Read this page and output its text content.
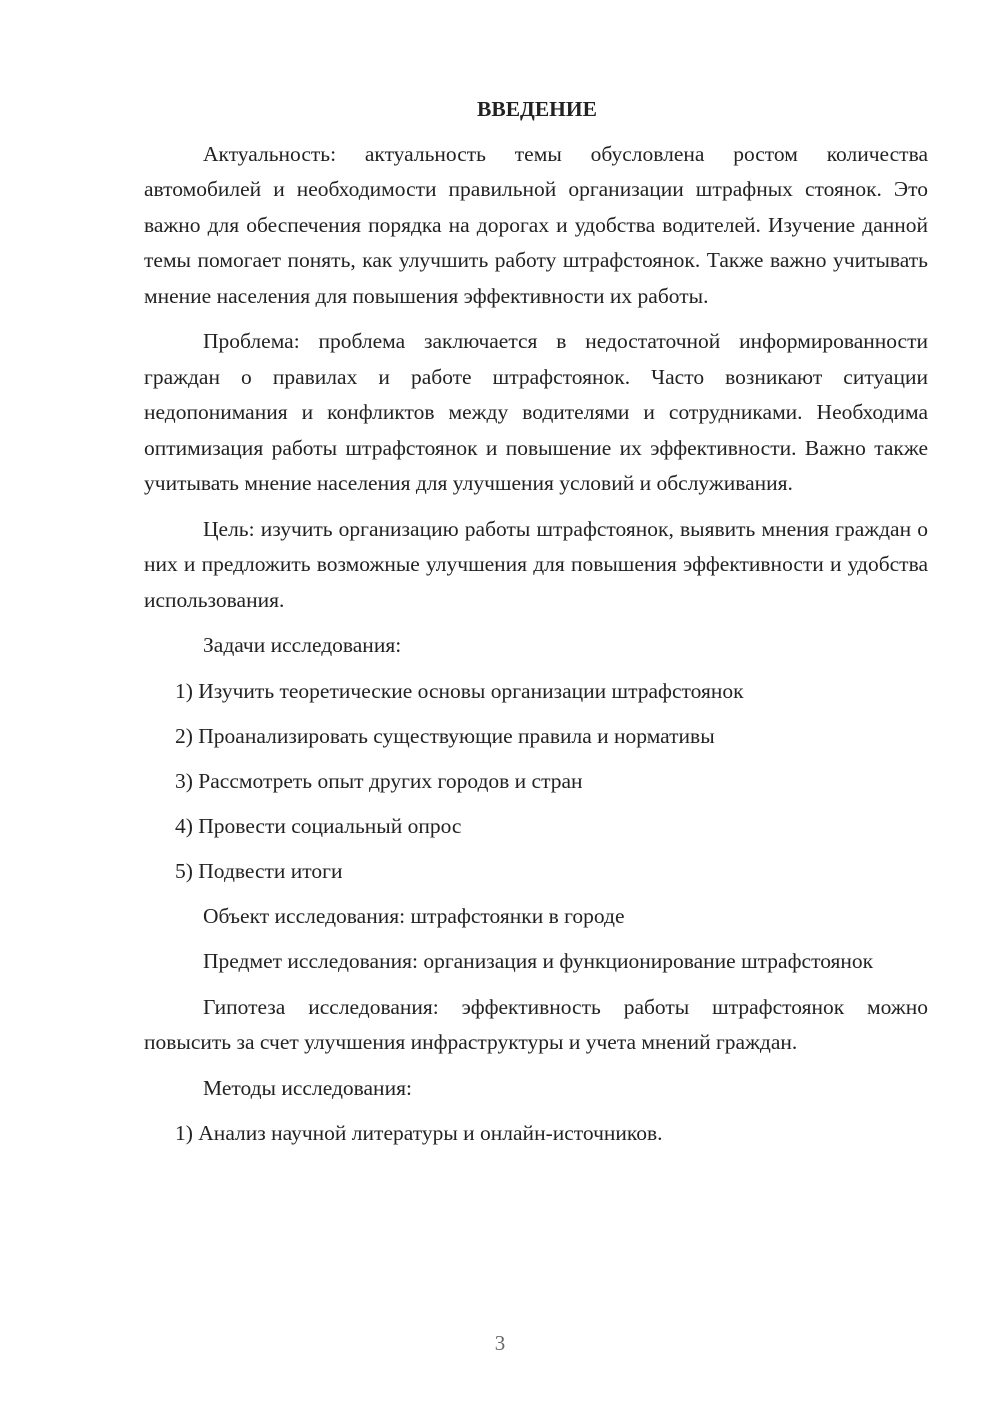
ВВЕДЕНИЕ
Актуальность: актуальность темы обусловлена ростом количества автомобилей и необходимости правильной организации штрафных стоянок. Это важно для обеспечения порядка на дорогах и удобства водителей. Изучение данной темы помогает понять, как улучшить работу штрафстоянок. Также важно учитывать мнение населения для повышения эффективности их работы.
Проблема: проблема заключается в недостаточной информированности граждан о правилах и работе штрафстоянок. Часто возникают ситуации недопонимания и конфликтов между водителями и сотрудниками. Необходима оптимизация работы штрафстоянок и повышение их эффективности. Важно также учитывать мнение населения для улучшения условий и обслуживания.
Цель: изучить организацию работы штрафстоянок, выявить мнения граждан о них и предложить возможные улучшения для повышения эффективности и удобства использования.
Задачи исследования:
1) Изучить теоретические основы организации штрафстоянок
2) Проанализировать существующие правила и нормативы
3) Рассмотреть опыт других городов и стран
4) Провести социальный опрос
5) Подвести итоги
Объект исследования: штрафстоянки в городе
Предмет исследования: организация и функционирование штрафстоянок
Гипотеза исследования: эффективность работы штрафстоянок можно повысить за счет улучшения инфраструктуры и учета мнений граждан.
Методы исследования:
1) Анализ научной литературы и онлайн-источников.
3
